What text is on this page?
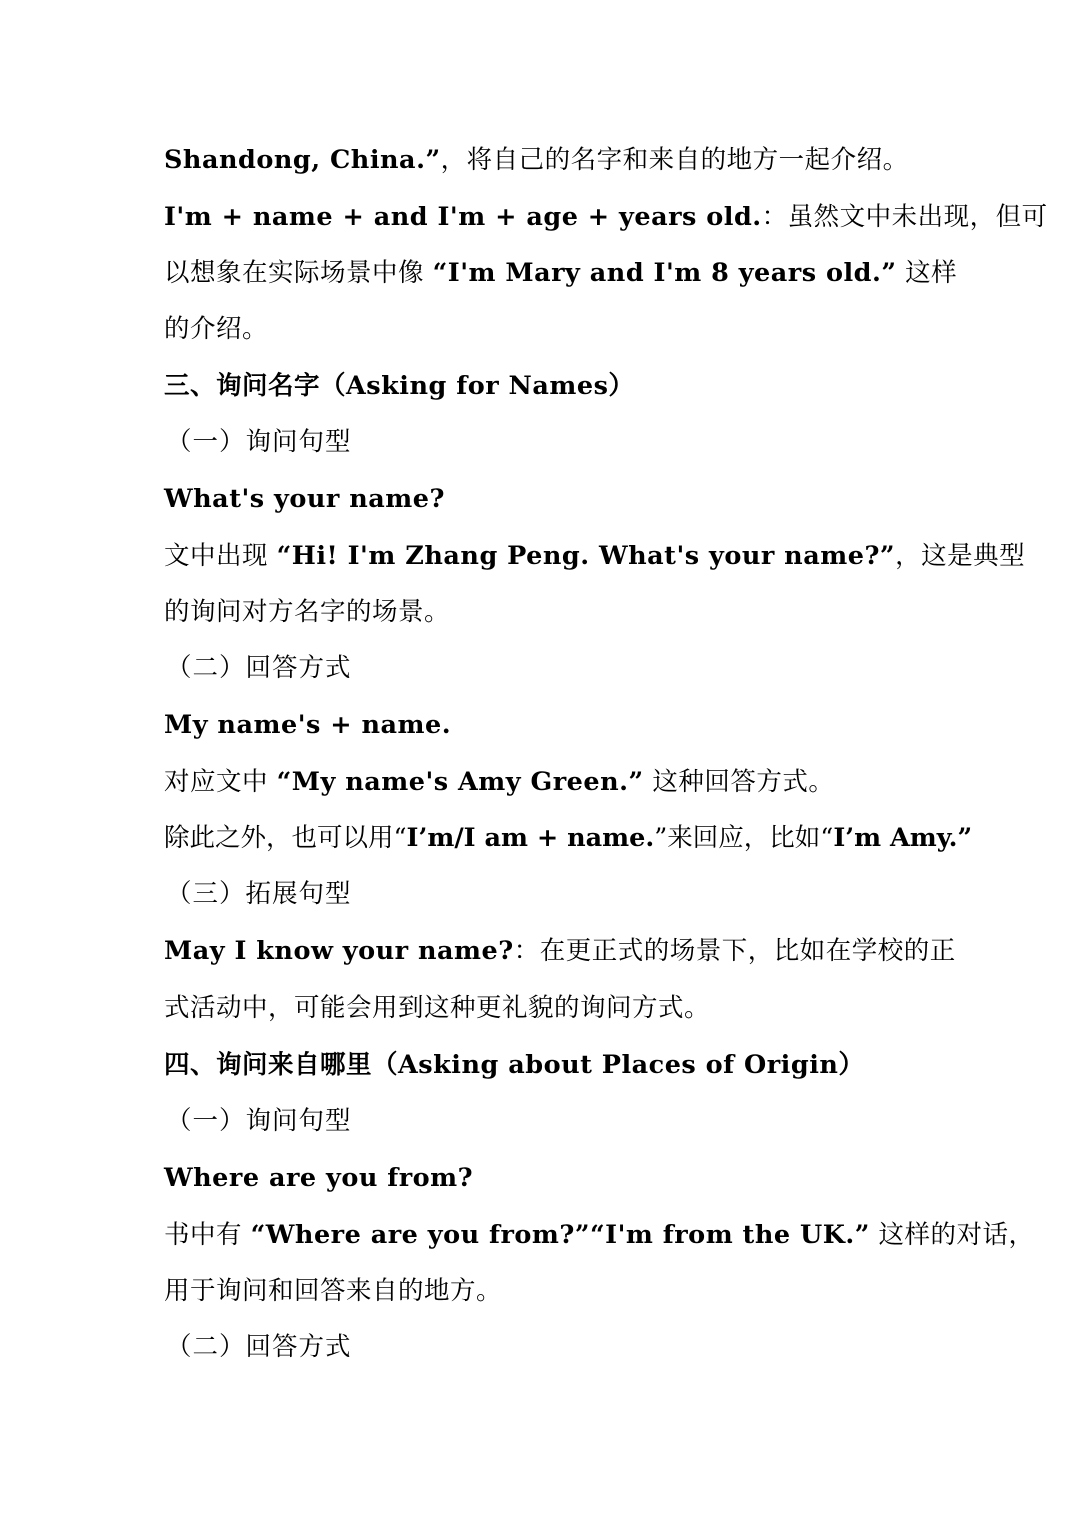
Shandong, China.”，将自己的名字和来自的地方一起介绍。
I'm + name + and I'm + age + years old.：虽然文中未出现，但可
以想象在实际场景中像 “I'm Mary and I'm 8 years old.” 这样
的介绍。
三、询问名字（Asking for Names）
（一）询问句型
What's your name?
文中出现 “Hi! I'm Zhang Peng. What's your name?”，这是典型
的询问对方名字的场景。
（二）回答方式
My name's + name.
对应文中 “My name's Amy Green.” 这种回答方式。
除此之外，也可以用“I’m/I am + name.”来回应，比如“I’m Amy.”
（三）拓展句型
May I know your name?：在更正式的场景下，比如在学校的正
式活动中，可能会用到这种更礼貌的询问方式。
四、询问来自哪里（Asking about Places of Origin）
（一）询问句型
Where are you from?
书中有 “Where are you from?”“I'm from the UK.” 这样的对话，
用于询问和回答来自的地方。
（二）回答方式
